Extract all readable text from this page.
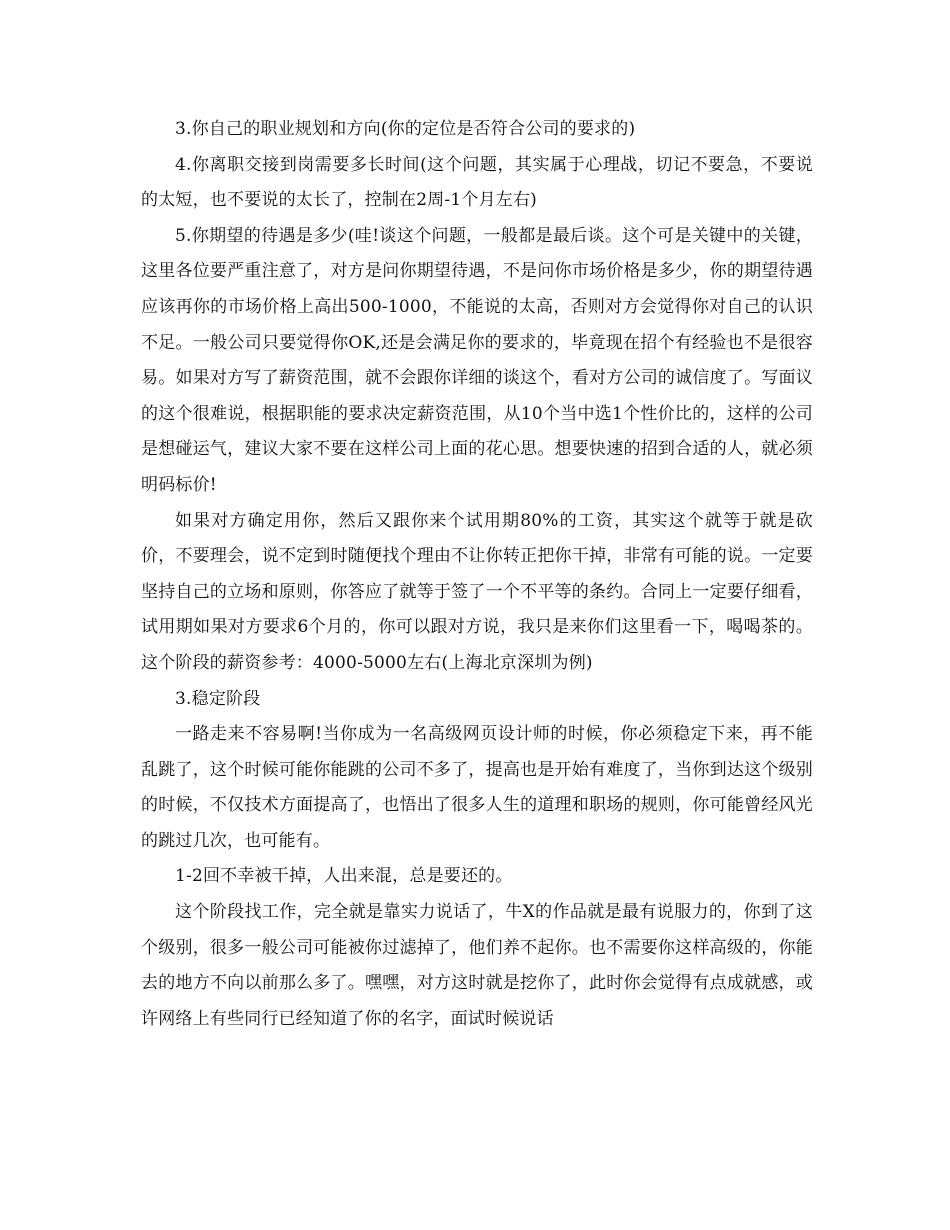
3.你自己的职业规划和方向(你的定位是否符合公司的要求的)

4.你离职交接到岗需要多长时间(这个问题，其实属于心理战，切记不要急，不要说的太短，也不要说的太长了，控制在2周-1个月左右)

5.你期望的待遇是多少(哇!谈这个问题，一般都是最后谈。这个可是关键中的关键，这里各位要严重注意了，对方是问你期望待遇，不是问你市场价格是多少，你的期望待遇应该再你的市场价格上高出500-1000，不能说的太高，否则对方会觉得你对自己的认识不足。一般公司只要觉得你OK,还是会满足你的要求的，毕竟现在招个有经验也不是很容易。如果对方写了薪资范围，就不会跟你详细的谈这个，看对方公司的诚信度了。写面议的这个很难说，根据职能的要求决定薪资范围，从10个当中选1个性价比的，这样的公司是想碰运气，建议大家不要在这样公司上面的花心思。想要快速的招到合适的人，就必须明码标价!

如果对方确定用你，然后又跟你来个试用期80%的工资，其实这个就等于就是砍价，不要理会，说不定到时随便找个理由不让你转正把你干掉，非常有可能的说。一定要坚持自己的立场和原则，你答应了就等于签了一个不平等的条约。合同上一定要仔细看，试用期如果对方要求6个月的，你可以跟对方说，我只是来你们这里看一下，喝喝茶的。这个阶段的薪资参考：4000-5000左右(上海北京深圳为例)

3.稳定阶段

一路走来不容易啊!当你成为一名高级网页设计师的时候，你必须稳定下来，再不能乱跳了，这个时候可能你能跳的公司不多了，提高也是开始有难度了，当你到达这个级别的时候，不仅技术方面提高了，也悟出了很多人生的道理和职场的规则，你可能曾经风光的跳过几次，也可能有。

1-2回不幸被干掉，人出来混，总是要还的。

这个阶段找工作，完全就是靠实力说话了，牛X的作品就是最有说服力的，你到了这个级别，很多一般公司可能被你过滤掉了，他们养不起你。也不需要你这样高级的，你能去的地方不向以前那么多了。嘿嘿，对方这时就是挖你了，此时你会觉得有点成就感，或许网络上有些同行已经知道了你的名字，面试时候说话
